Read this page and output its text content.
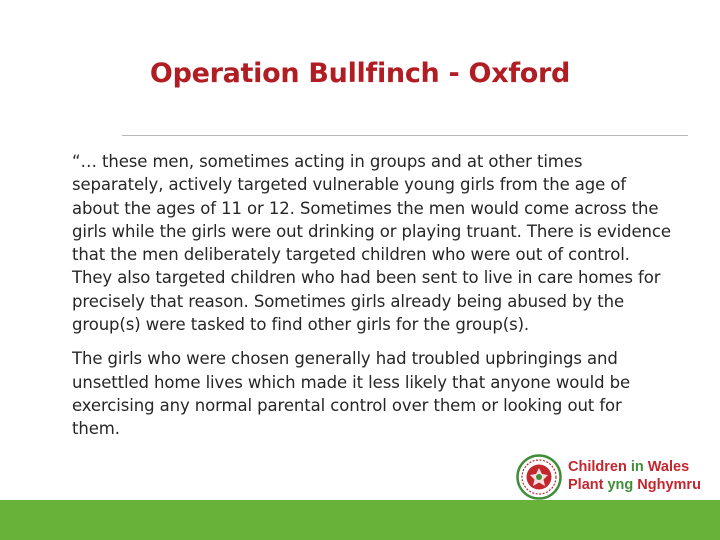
Operation Bullfinch - Oxford

“… these men, sometimes acting in groups and at other times separately, actively targeted vulnerable young girls from the age of about the ages of 11 or 12. Sometimes the men would come across the girls while the girls were out drinking or playing truant. There is evidence that the men deliberately targeted children who were out of control. They also targeted children who had been sent to live in care homes for precisely that reason. Sometimes girls already being abused by the group(s) were tasked to find other girls for the group(s).

The girls who were chosen generally had troubled upbringings and unsettled home lives which made it less likely that anyone would be exercising any normal parental control over them or looking out for them.

Children in Wales
Plant yng Nghymru
